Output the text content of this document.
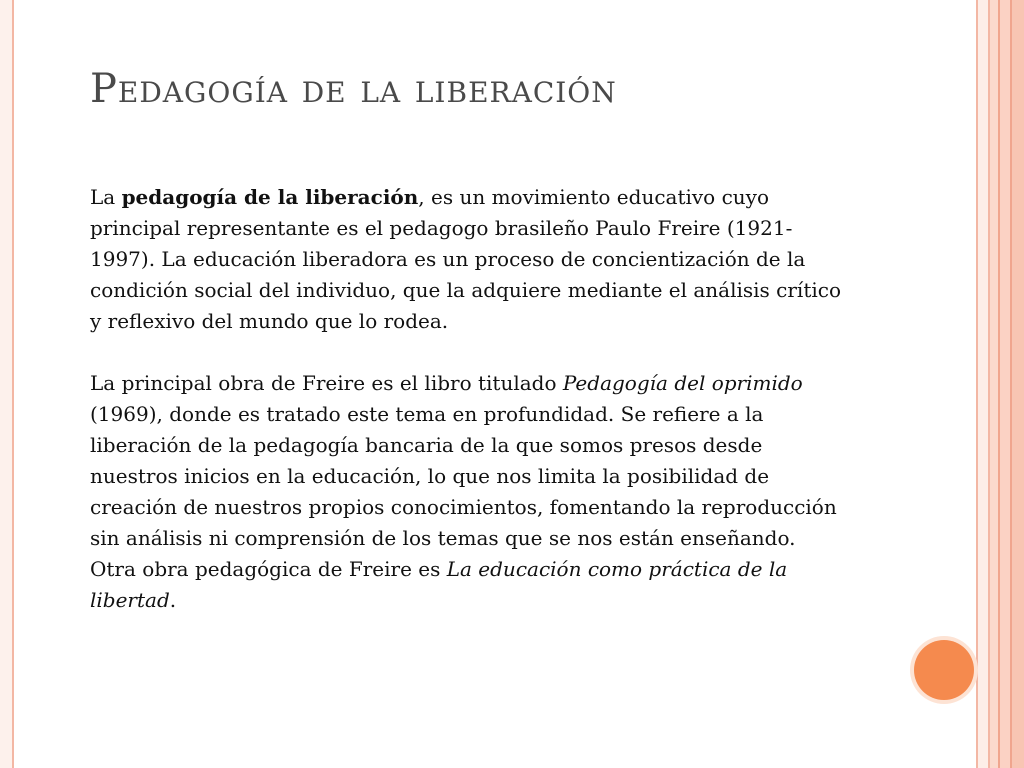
Pedagogía de la liberación

La pedagogía de la liberación, es un movimiento educativo cuyo principal representante es el pedagogo brasileño Paulo Freire (1921-1997). La educación liberadora es un proceso de concientización de la condición social del individuo, que la adquiere mediante el análisis crítico y reflexivo del mundo que lo rodea.

La principal obra de Freire es el libro titulado Pedagogía del oprimido (1969), donde es tratado este tema en profundidad. Se refiere a la liberación de la pedagogía bancaria de la que somos presos desde nuestros inicios en la educación, lo que nos limita la posibilidad de creación de nuestros propios conocimientos, fomentando la reproducción sin análisis ni comprensión de los temas que se nos están enseñando.

Otra obra pedagógica de Freire es La educación como práctica de la libertad.
